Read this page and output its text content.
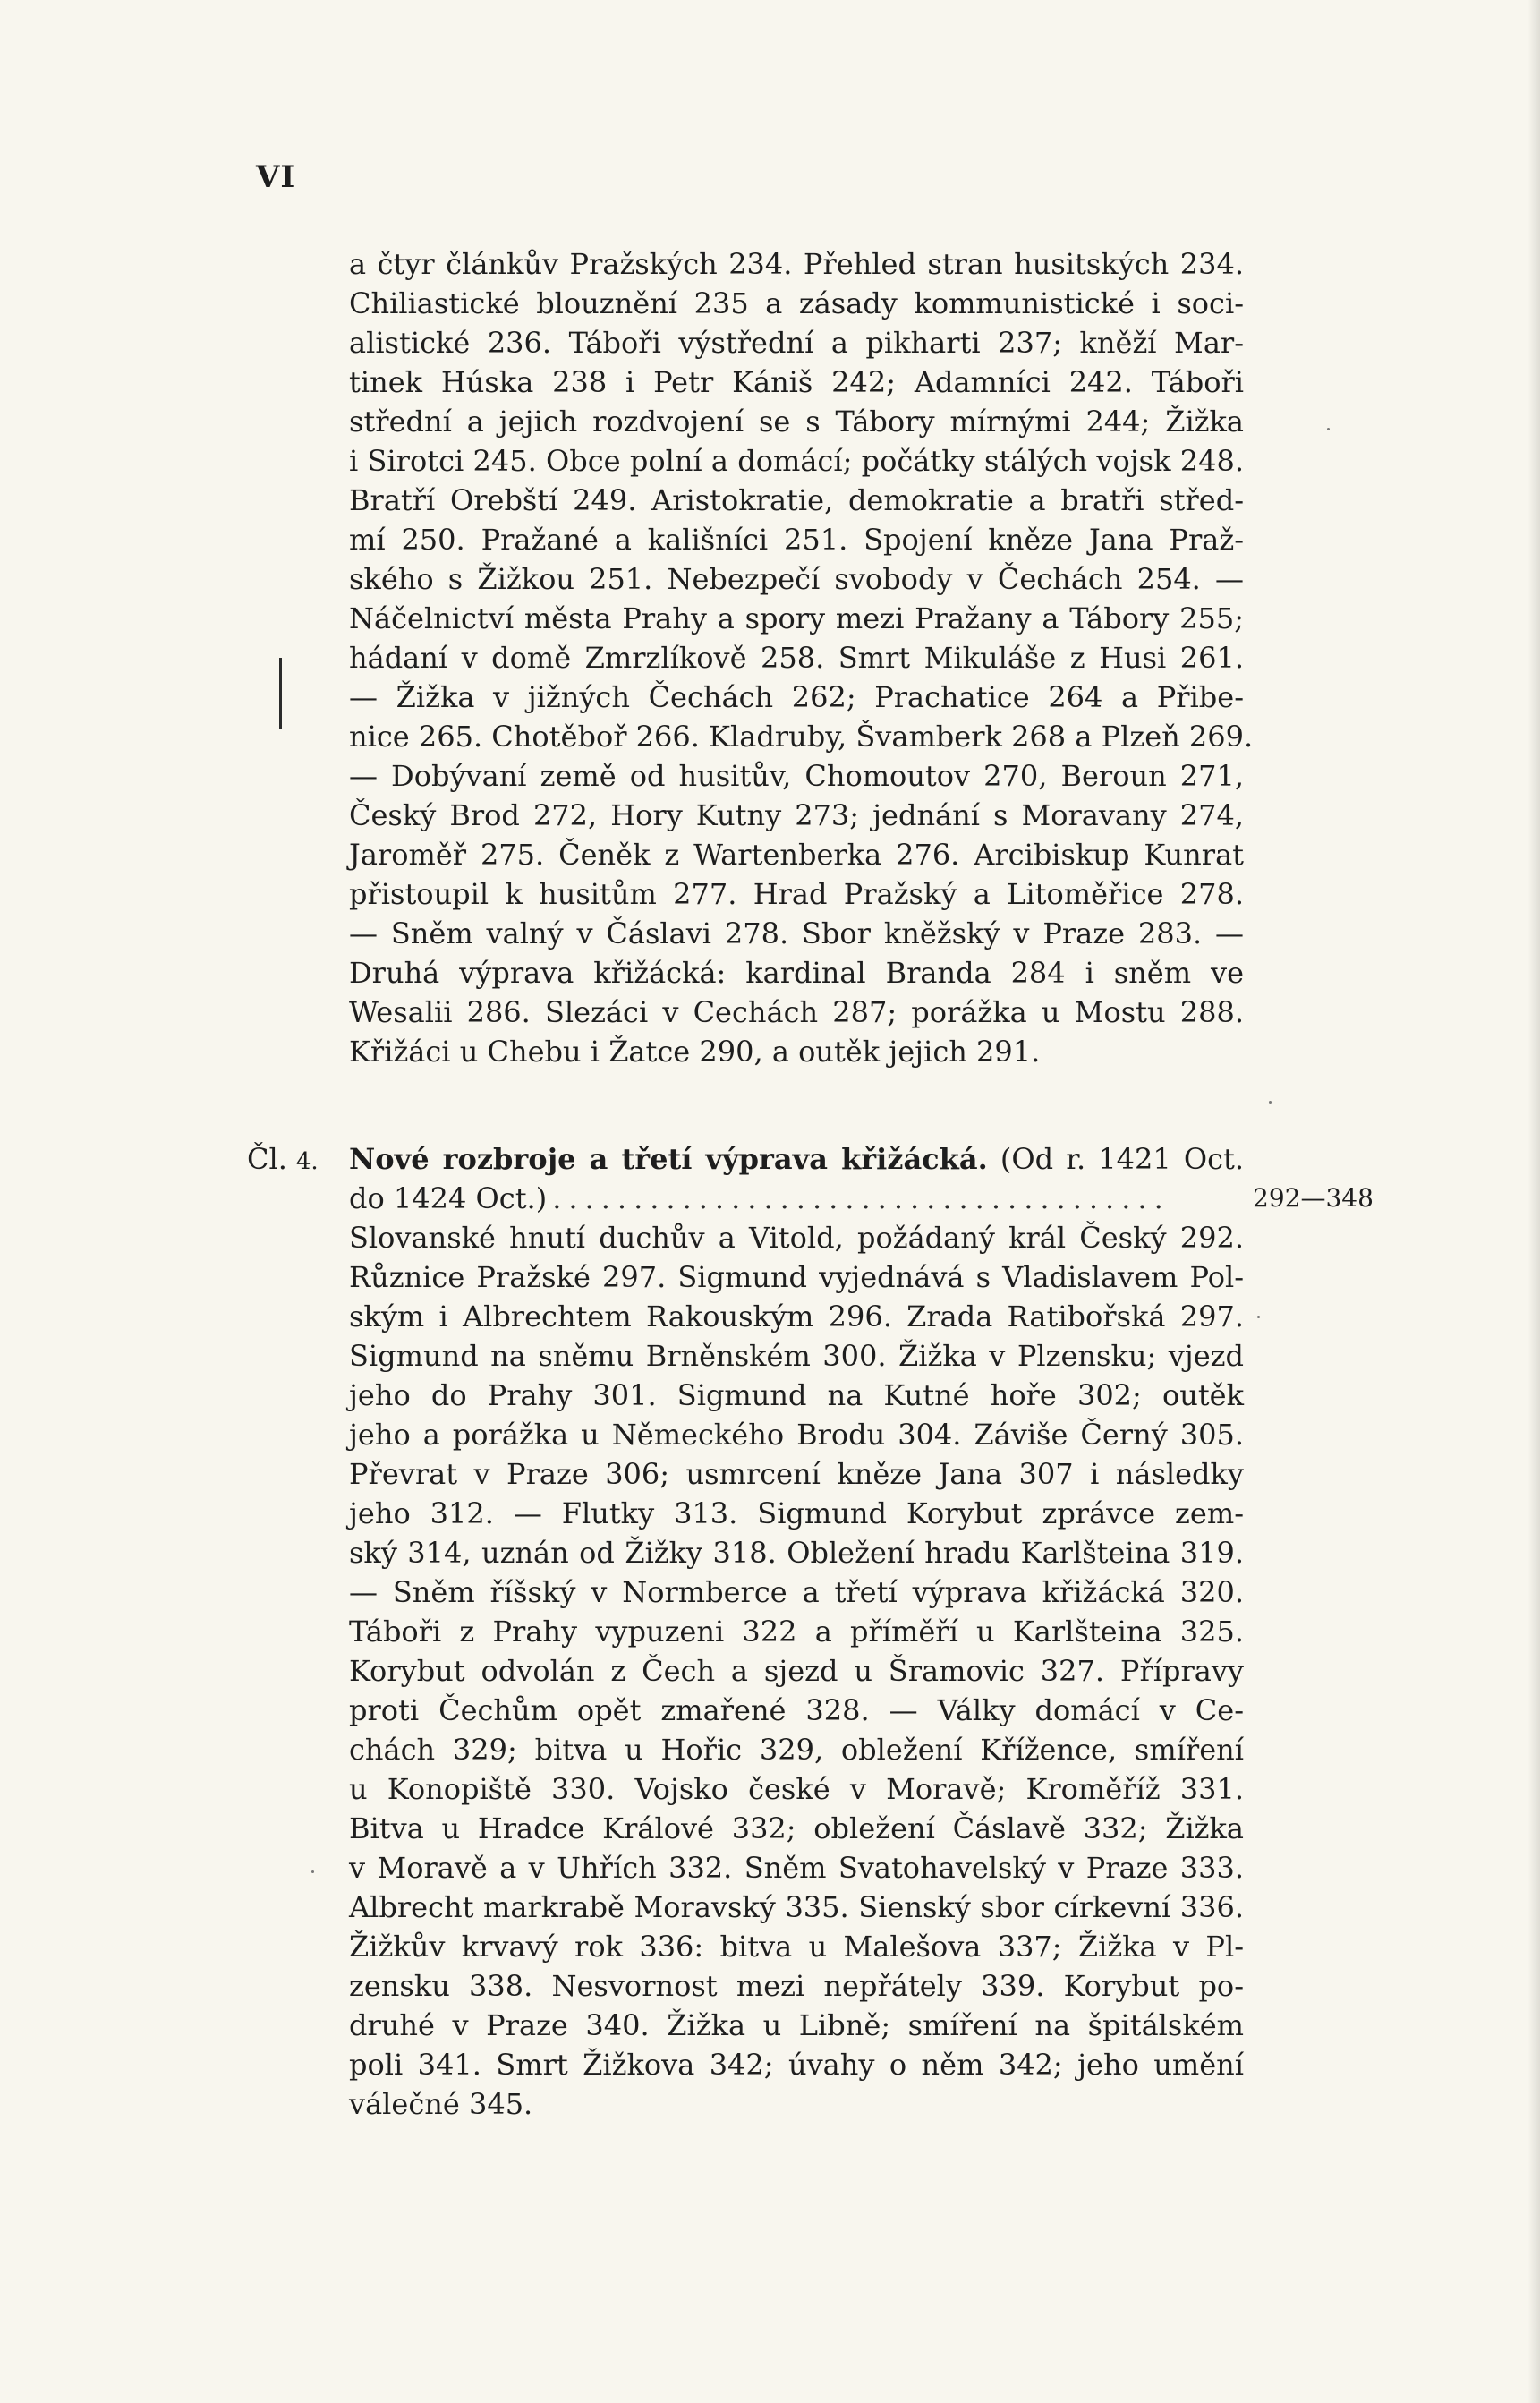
VI
a čtyr článkův Pražských 234. Přehled stran husitských 234.
Chiliastické blouznění 235 a zásady kommunistické i soci-
alistické 236. Táboři výstřední a pikharti 237; kněží Mar-
tinek Húska 238 i Petr Kániš 242; Adamníci 242. Táboři
střední a jejich rozdvojení se s Tábory mírnými 244; Žižka
i Sirotci 245. Obce polní a domácí; počátky stálých vojsk 248.
Bratří Orebští 249. Aristokratie, demokratie a bratři střed-
mí 250. Pražané a kališníci 251. Spojení kněze Jana Praž-
ského s Žižkou 251. Nebezpečí svobody v Čechách 254. —
Náčelnictví města Prahy a spory mezi Pražany a Tábory 255;
hádaní v domě Zmrzlíkově 258. Smrt Mikuláše z Husi 261.
— Žižka v jižných Čechách 262; Prachatice 264 a Přibe-
nice 265. Chotěboř 266. Kladruby, Švamberk 268 a Plzeň 269.
— Dobývaní země od husitův, Chomoutov 270, Beroun 271,
Český Brod 272, Hory Kutny 273; jednání s Moravany 274,
Jaroměř 275. Čeněk z Wartenberka 276. Arcibiskup Kunrat
přistoupil k husitům 277. Hrad Pražský a Litoměřice 278.
— Sněm valný v Čáslavi 278. Sbor kněžský v Praze 283. —
Druhá výprava křižácká: kardinal Branda 284 i sněm ve
Wesalii 286. Slezáci v Cechách 287; porážka u Mostu 288.
Křižáci u Chebu i Žatce 290, a outěk jejich 291.
Čl. 4. Nové rozbroje a třetí výprava křižácká. (Od r. 1421 Oct.
do 1424 Oct.) ......................................
Slovanské hnutí duchův a Vitold, požádaný král Český 292.
Různice Pražské 297. Sigmund vyjednává s Vladislavem Pol-
ským i Albrechtem Rakouským 296. Zrada Ratibořská 297.
Sigmund na sněmu Brněnském 300. Žižka v Plzensku; vjezd
jeho do Prahy 301. Sigmund na Kutné hoře 302; outěk
jeho a porážka u Německého Brodu 304. Záviše Černý 305.
Převrat v Praze 306; usmrcení kněze Jana 307 i následky
jeho 312. — Flutky 313. Sigmund Korybut zprávce zem-
ský 314, uznán od Žižky 318. Obležení hradu Karlšteina 319.
— Sněm říšský v Normberce a třetí výprava křižácká 320.
Táboři z Prahy vypuzeni 322 a příměří u Karlšteina 325.
Korybut odvolán z Čech a sjezd u Šramovic 327. Přípravy
proti Čechům opět zmařené 328. — Války domácí v Ce-
chách 329; bitva u Hořic 329, obležení Křížence, smíření
u Konopiště 330. Vojsko české v Moravě; Kroměříž 331.
Bitva u Hradce Králové 332; obležení Čáslavě 332; Žižka
v Moravě a v Uhřích 332. Sněm Svatohavelský v Praze 333.
Albrecht markrabě Moravský 335. Sienský sbor církevní 336.
Žižkův krvavý rok 336: bitva u Malešova 337; Žižka v Pl-
zensku 338. Nesvornost mezi nepřátely 339. Korybut po-
druhé v Praze 340. Žižka u Libně; smíření na špitálském
poli 341. Smrt Žižkova 342; úvahy o něm 342; jeho umění
válečné 345.
292—348
